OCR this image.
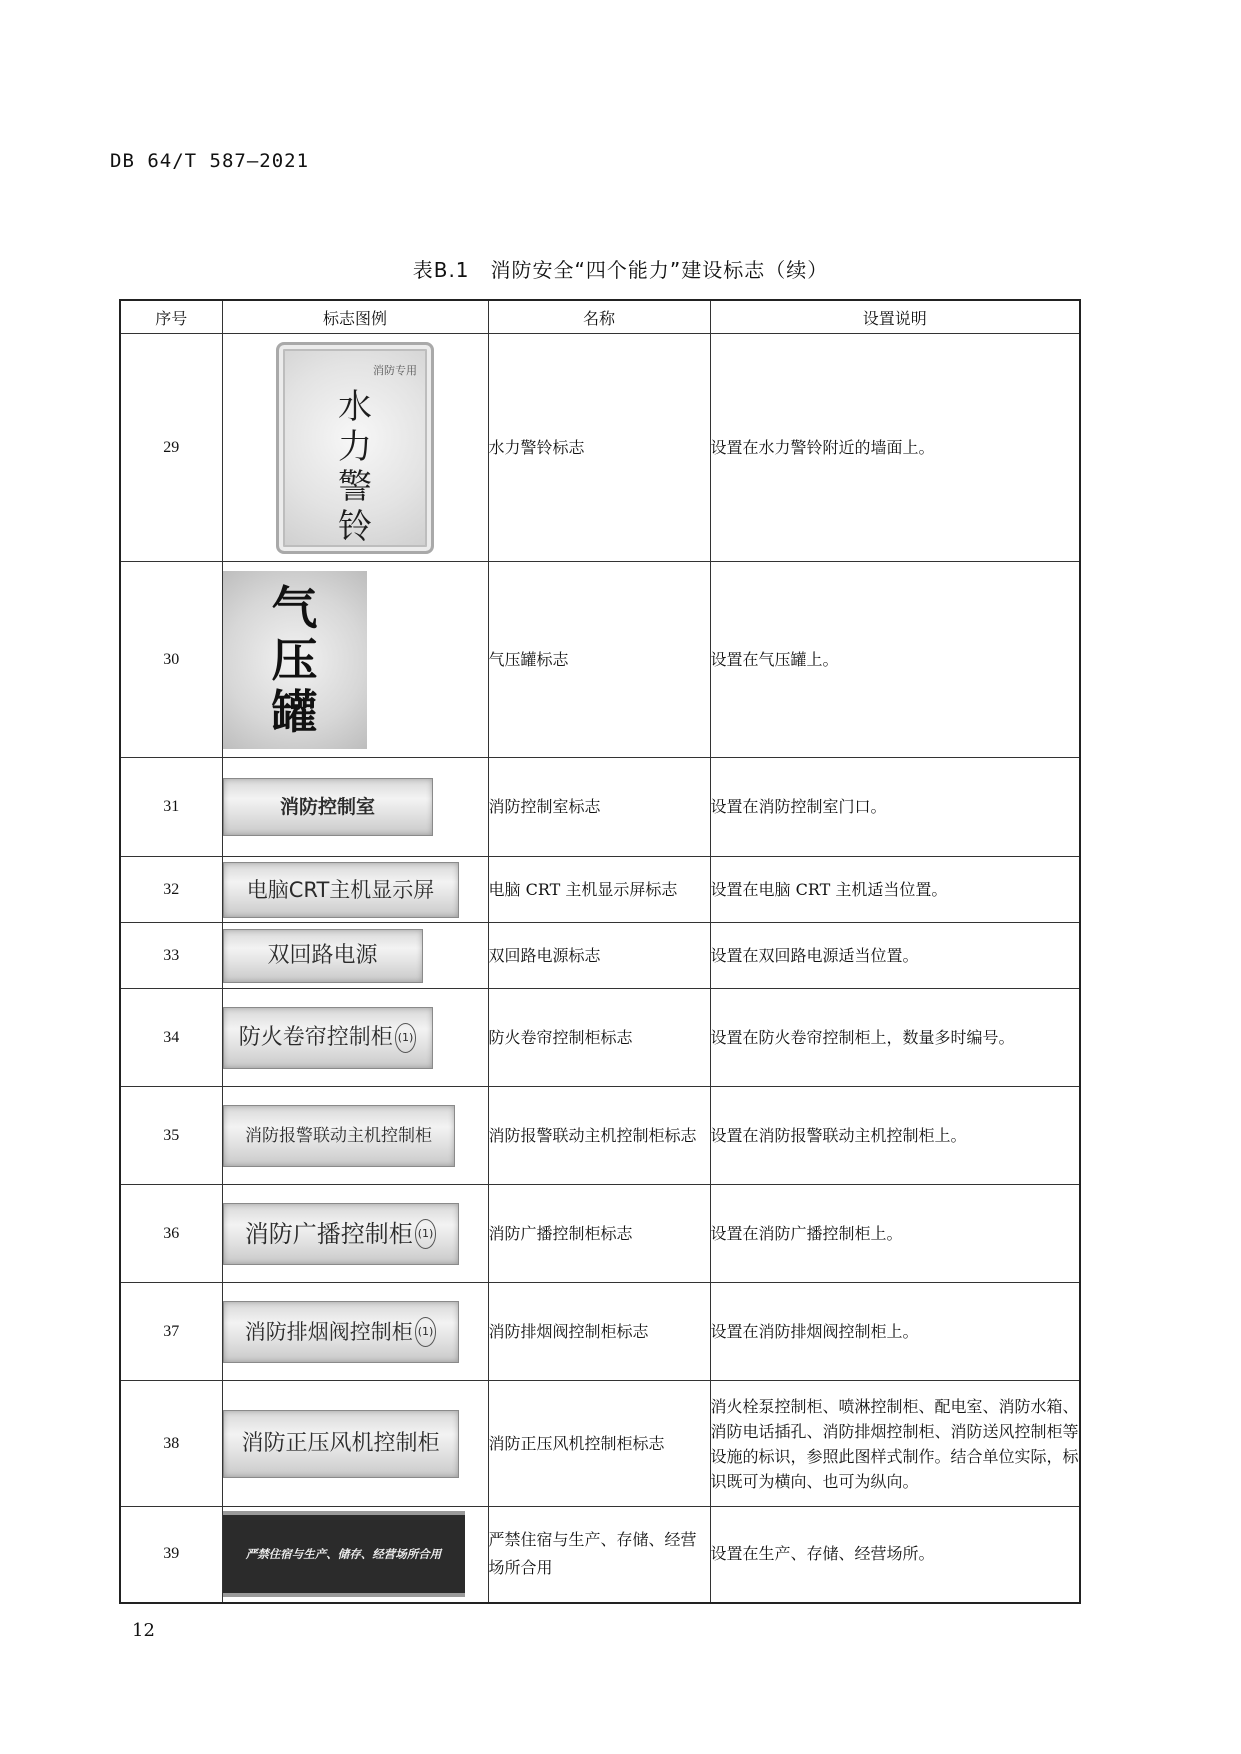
DB 64/T 587—2021
表B.1　消防安全“四个能力”建设标志（续）
序号	标志图例	名称	设置说明
29	消防专用
水
力
警
铃	水力警铃标志	设置在水力警铃附近的墙面上。
30	气
压
罐	气压罐标志	设置在气压罐上。
31	消防控制室	消防控制室标志	设置在消防控制室门口。
32	电脑CRT主机显示屏	电脑 CRT 主机显示屏标志	设置在电脑 CRT 主机适当位置。
33	双回路电源	双回路电源标志	设置在双回路电源适当位置。
34	防火卷帘控制柜 (1)	防火卷帘控制柜标志	设置在防火卷帘控制柜上，数量多时编号。
35	消防报警联动主机控制柜	消防报警联动主机控制柜标志	设置在消防报警联动主机控制柜上。
36	消防广播控制柜 (1)	消防广播控制柜标志	设置在消防广播控制柜上。
37	消防排烟阀控制柜 (1)	消防排烟阀控制柜标志	设置在消防排烟阀控制柜上。
38	消防正压风机控制柜	消防正压风机控制柜标志	消火栓泵控制柜、喷淋控制柜、配电室、消防水箱、消防电话插孔、消防排烟控制柜、消防送风控制柜等设施的标识，参照此图样式制作。结合单位实际，标识既可为横向、也可为纵向。
39	严禁住宿与生产、储存、经营场所合用	严禁住宿与生产、存储、经营场所合用	设置在生产、存储、经营场所。
12
